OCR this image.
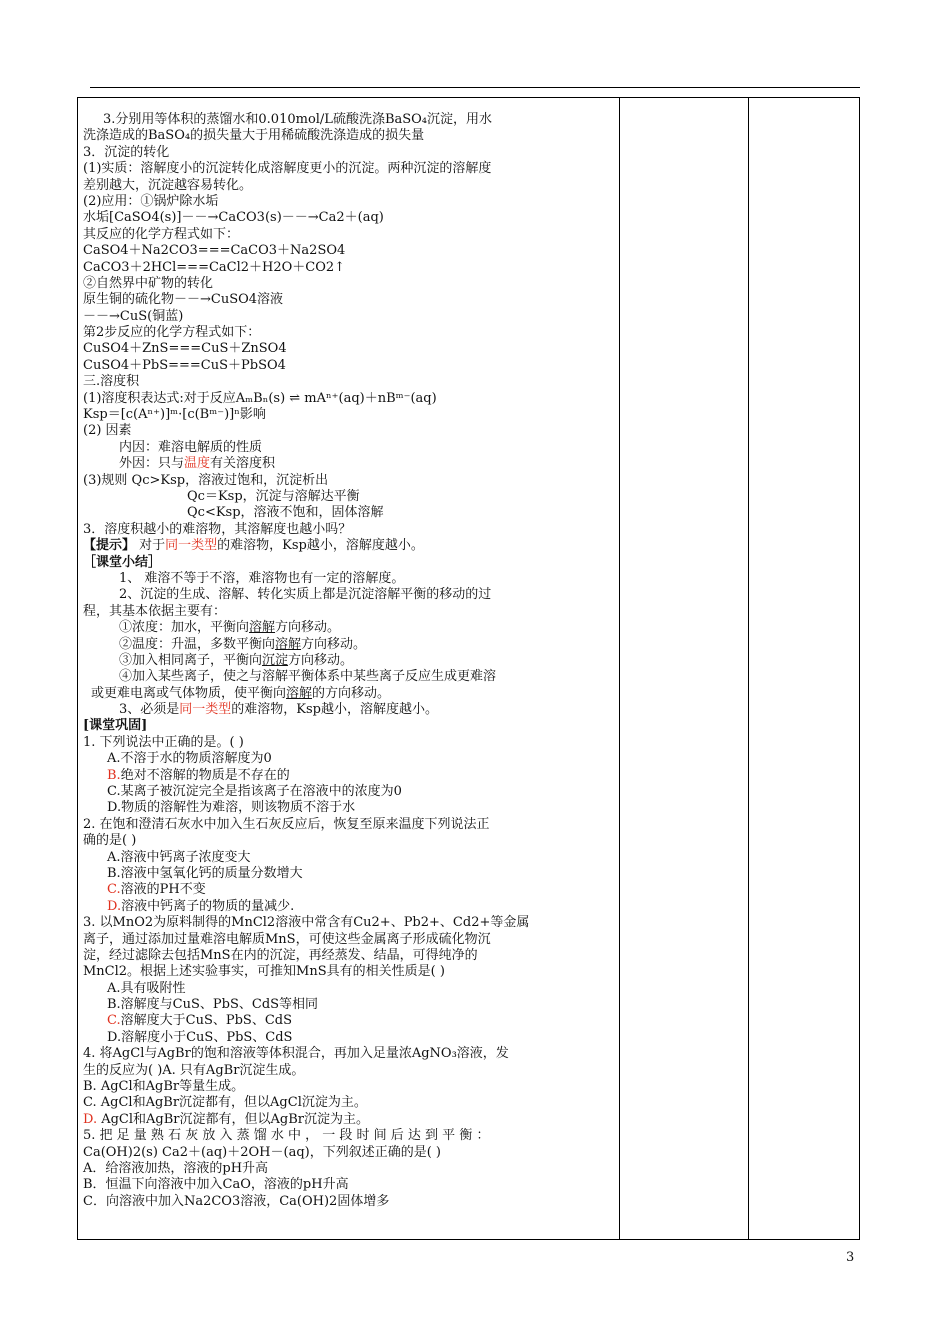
3.分别用等体积的蒸馏水和0.010mol/L硫酸洗涤BaSO₄沉淀，用水
洗涤造成的BaSO₄的损失量大于用稀硫酸洗涤造成的损失量
3．沉淀的转化
(1)实质：溶解度小的沉淀转化成溶解度更小的沉淀。两种沉淀的溶解度
差别越大，沉淀越容易转化。
(2)应用：①锅炉除水垢
水垢[CaSO4(s)]－－→CaCO3(s)－－→Ca2＋(aq)
其反应的化学方程式如下：
CaSO4＋Na2CO3===CaCO3＋Na2SO4
CaCO3＋2HCl===CaCl2＋H2O＋CO2↑
②自然界中矿物的转化
原生铜的硫化物－－→CuSO4溶液
－－→CuS(铜蓝)
第2步反应的化学方程式如下：
CuSO4＋ZnS===CuS＋ZnSO4
CuSO4＋PbS===CuS＋PbSO4
三.溶度积
(1)溶度积表达式:对于反应AₘBₙ(s) ⇌ mAⁿ⁺(aq)＋nBᵐ⁻(aq)
Ksp＝[c(Aⁿ⁺)]ᵐ·[c(Bᵐ⁻)]ⁿ影响
(2) 因素
内因：难溶电解质的性质
外因：只与温度有关溶度积
(3)规则 Qc>Ksp，溶液过饱和，沉淀析出
Qc＝Ksp，沉淀与溶解达平衡
Qc<Ksp，溶液不饱和，固体溶解
3．溶度积越小的难溶物，其溶解度也越小吗？
【提示】 对于同一类型的难溶物，Ksp越小，溶解度越小。
［课堂小结］
1、 难溶不等于不溶，难溶物也有一定的溶解度。
2、沉淀的生成、溶解、转化实质上都是沉淀溶解平衡的移动的过
程，其基本依据主要有：
①浓度：加水，平衡向溶解方向移动。
②温度：升温，多数平衡向溶解方向移动。
③加入相同离子，平衡向沉淀方向移动。
④加入某些离子，使之与溶解平衡体系中某些离子反应生成更难溶
或更难电离或气体物质，使平衡向溶解的方向移动。
3、必须是同一类型的难溶物，Ksp越小，溶解度越小。
[课堂巩固]
1. 下列说法中正确的是。( )
A.不溶于水的物质溶解度为0
B.绝对不溶解的物质是不存在的
C.某离子被沉淀完全是指该离子在溶液中的浓度为0
D.物质的溶解性为难溶，则该物质不溶于水
2. 在饱和澄清石灰水中加入生石灰反应后，恢复至原来温度下列说法正
确的是( )
A.溶液中钙离子浓度变大
B.溶液中氢氧化钙的质量分数增大
C.溶液的PH不变
D.溶液中钙离子的物质的量减少.
3. 以MnO2为原料制得的MnCl2溶液中常含有Cu2+、Pb2+、Cd2+等金属
离子，通过添加过量难溶电解质MnS，可使这些金属离子形成硫化物沉
淀，经过滤除去包括MnS在内的沉淀，再经蒸发、结晶，可得纯净的
MnCl2。根据上述实验事实，可推知MnS具有的相关性质是( )
A.具有吸附性
B.溶解度与CuS、PbS、CdS等相同
C.溶解度大于CuS、PbS、CdS
D.溶解度小于CuS、PbS、CdS
4. 将AgCl与AgBr的饱和溶液等体积混合，再加入足量浓AgNO₃溶液，发
生的反应为( )A. 只有AgBr沉淀生成。
B. AgCl和AgBr等量生成。
C. AgCl和AgBr沉淀都有，但以AgCl沉淀为主。
D. AgCl和AgBr沉淀都有，但以AgBr沉淀为主。
5. 把 足 量 熟 石 灰 放 入 蒸 馏 水 中 ， 一 段 时 间 后 达 到 平 衡 ：
Ca(OH)2(s) Ca2＋(aq)＋2OH－(aq)，下列叙述正确的是( )
A．给溶液加热，溶液的pH升高
B．恒温下向溶液中加入CaO，溶液的pH升高
C．向溶液中加入Na2CO3溶液，Ca(OH)2固体增多
3
